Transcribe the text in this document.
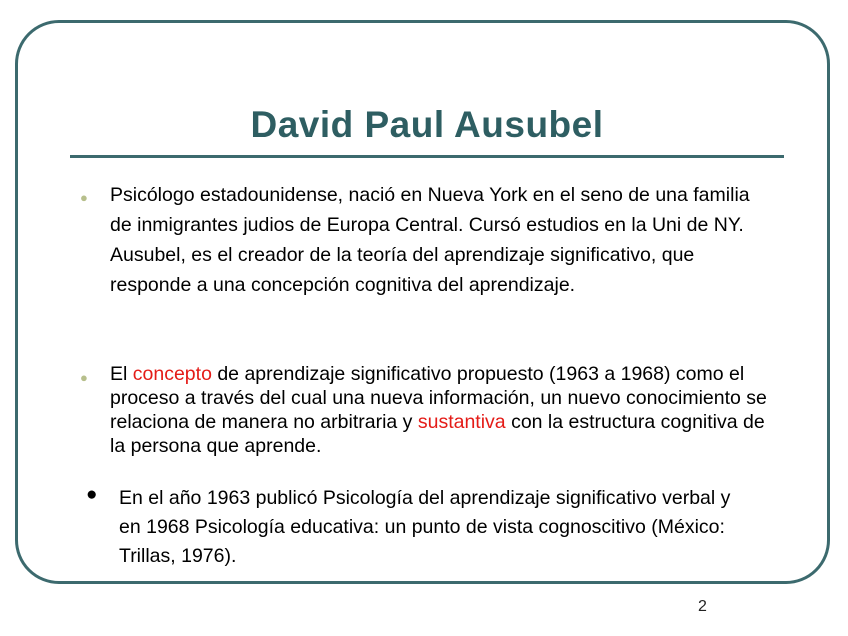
David Paul Ausubel
● Psicólogo estadounidense, nació en Nueva York en el seno de una familia de inmigrantes judios de Europa Central. Cursó estudios en la Uni de NY. Ausubel, es el creador de la teoría del aprendizaje significativo, que responde a una concepción cognitiva del aprendizaje.

● El concepto de aprendizaje significativo propuesto (1963 a 1968) como el proceso a través del cual una nueva información, un nuevo conocimiento se relaciona de manera no arbitraria y sustantiva con la estructura cognitiva de la persona que aprende.

● En el año 1963 publicó Psicología del aprendizaje significativo verbal y en 1968 Psicología educativa: un punto de vista cognoscitivo (México: Trillas, 1976).

2
